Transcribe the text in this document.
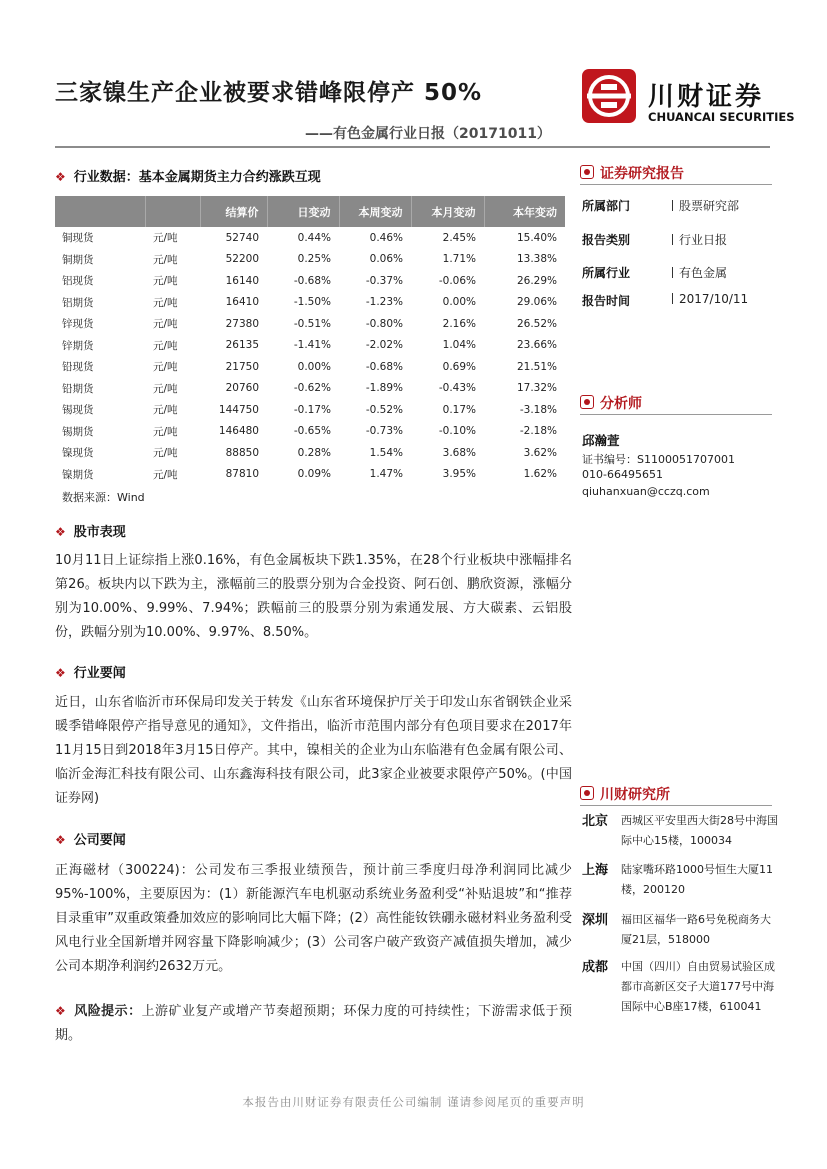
三家镍生产企业被要求错峰限停产 50%
——有色金属行业日报（20171011）
川财证券
CHUANCAI SECURITIES
❖ 行业数据：基本金属期货主力合约涨跌互现
		结算价	日变动	本周变动	本月变动	本年变动
铜现货	元/吨	52740	0.44%	0.46%	2.45%	15.40%
铜期货	元/吨	52200	0.25%	0.06%	1.71%	13.38%
铝现货	元/吨	16140	-0.68%	-0.37%	-0.06%	26.29%
铝期货	元/吨	16410	-1.50%	-1.23%	0.00%	29.06%
锌现货	元/吨	27380	-0.51%	-0.80%	2.16%	26.52%
锌期货	元/吨	26135	-1.41%	-2.02%	1.04%	23.66%
铅现货	元/吨	21750	0.00%	-0.68%	0.69%	21.51%
铅期货	元/吨	20760	-0.62%	-1.89%	-0.43%	17.32%
锡现货	元/吨	144750	-0.17%	-0.52%	0.17%	-3.18%
锡期货	元/吨	146480	-0.65%	-0.73%	-0.10%	-2.18%
镍现货	元/吨	88850	0.28%	1.54%	3.68%	3.62%
镍期货	元/吨	87810	0.09%	1.47%	3.95%	1.62%
数据来源：Wind
❖ 股市表现
10月11日上证综指上涨0.16%，有色金属板块下跌1.35%，在28个行业板块中涨幅排名第26。板块内以下跌为主，涨幅前三的股票分别为合金投资、阿石创、鹏欣资源，涨幅分别为10.00%、9.99%、7.94%；跌幅前三的股票分别为索通发展、方大碳素、云铝股份，跌幅分别为10.00%、9.97%、8.50%。
❖ 行业要闻
近日，山东省临沂市环保局印发关于转发《山东省环境保护厅关于印发山东省钢铁企业采暖季错峰限停产指导意见的通知》，文件指出，临沂市范围内部分有色项目要求在2017年11月15日到2018年3月15日停产。其中，镍相关的企业为山东临港有色金属有限公司、临沂金海汇科技有限公司、山东鑫海科技有限公司，此3家企业被要求限停产50%。(中国证券网)
❖ 公司要闻
正海磁材（300224)：公司发布三季报业绩预告，预计前三季度归母净利润同比减少95%-100%，主要原因为：(1）新能源汽车电机驱动系统业务盈利受“补贴退坡”和“推荐目录重审”双重政策叠加效应的影响同比大幅下降；(2）高性能钕铁硼永磁材料业务盈利受风电行业全国新增并网容量下降影响减少；(3）公司客户破产致资产减值损失增加，减少公司本期净利润约2632万元。
❖ 风险提示：上游矿业复产或增产节奏超预期；环保力度的可持续性；下游需求低于预期。
证券研究报告
所属部门	股票研究部
报告类别	行业日报
所属行业	有色金属
报告时间	2017/10/11
分析师
邱瀚萱
证书编号：S1100051707001
010-66495651
qiuhanxuan@cczq.com
川财研究所
北京 西城区平安里西大街28号中海国际中心15楼，100034
上海 陆家嘴环路1000号恒生大厦11楼，200120
深圳 福田区福华一路6号免税商务大厦21层，518000
成都 中国（四川）自由贸易试验区成都市高新区交子大道177号中海国际中心B座17楼，610041
本报告由川财证券有限责任公司编制 谨请参阅尾页的重要声明
